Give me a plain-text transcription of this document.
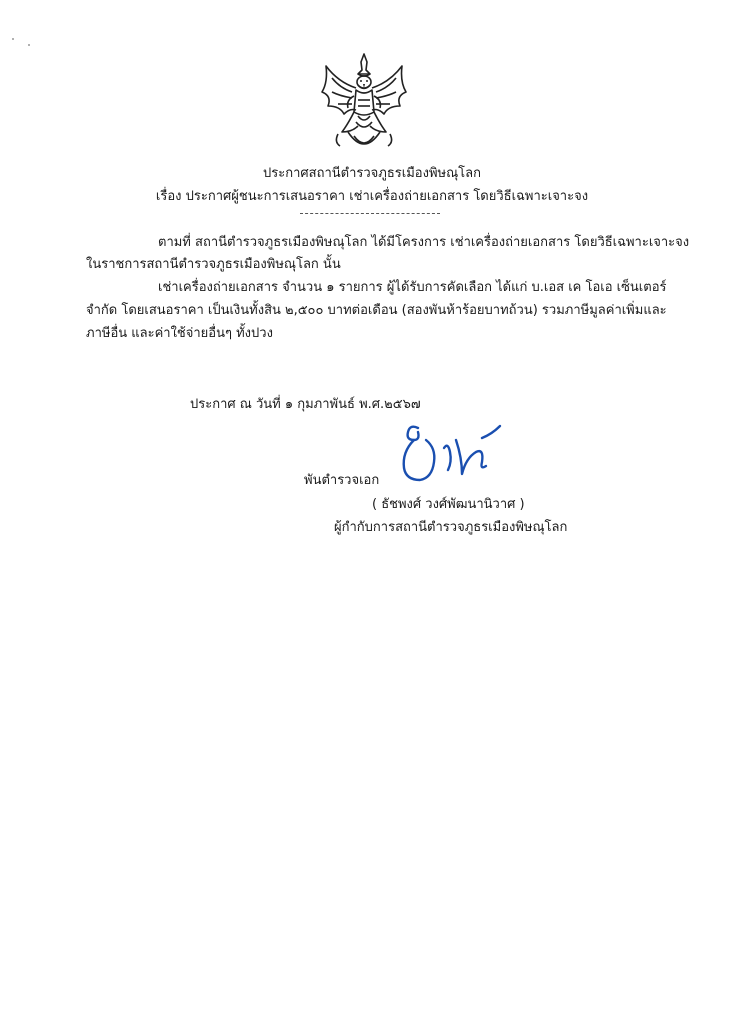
ประกาศสถานีตำรวจภูธรเมืองพิษณุโลก
เรื่อง ประกาศผู้ชนะการเสนอราคา เช่าเครื่องถ่ายเอกสาร โดยวิธีเฉพาะเจาะจง
ตามที่ สถานีตำรวจภูธรเมืองพิษณุโลก ได้มีโครงการ เช่าเครื่องถ่ายเอกสาร โดยวิธีเฉพาะเจาะจง
ในราชการสถานีตำรวจภูธรเมืองพิษณุโลก นั้น
เช่าเครื่องถ่ายเอกสาร จำนวน ๑ รายการ ผู้ได้รับการคัดเลือก ได้แก่ บ.เอส เค โอเอ เซ็นเตอร์
จำกัด โดยเสนอราคา เป็นเงินทั้งสิน ๒,๕๐๐ บาทต่อเดือน (สองพันห้าร้อยบาทถ้วน) รวมภาษีมูลค่าเพิ่มและ
ภาษีอื่น และค่าใช้จ่ายอื่นๆ ทั้งปวง
ประกาศ ณ วันที่ ๑ กุมภาพันธ์ พ.ศ.๒๕๖๗
พันตำรวจเอก
( ธัชพงศ์ วงศ์พัฒนานิวาศ )
ผู้กำกับการสถานีตำรวจภูธรเมืองพิษณุโลก
